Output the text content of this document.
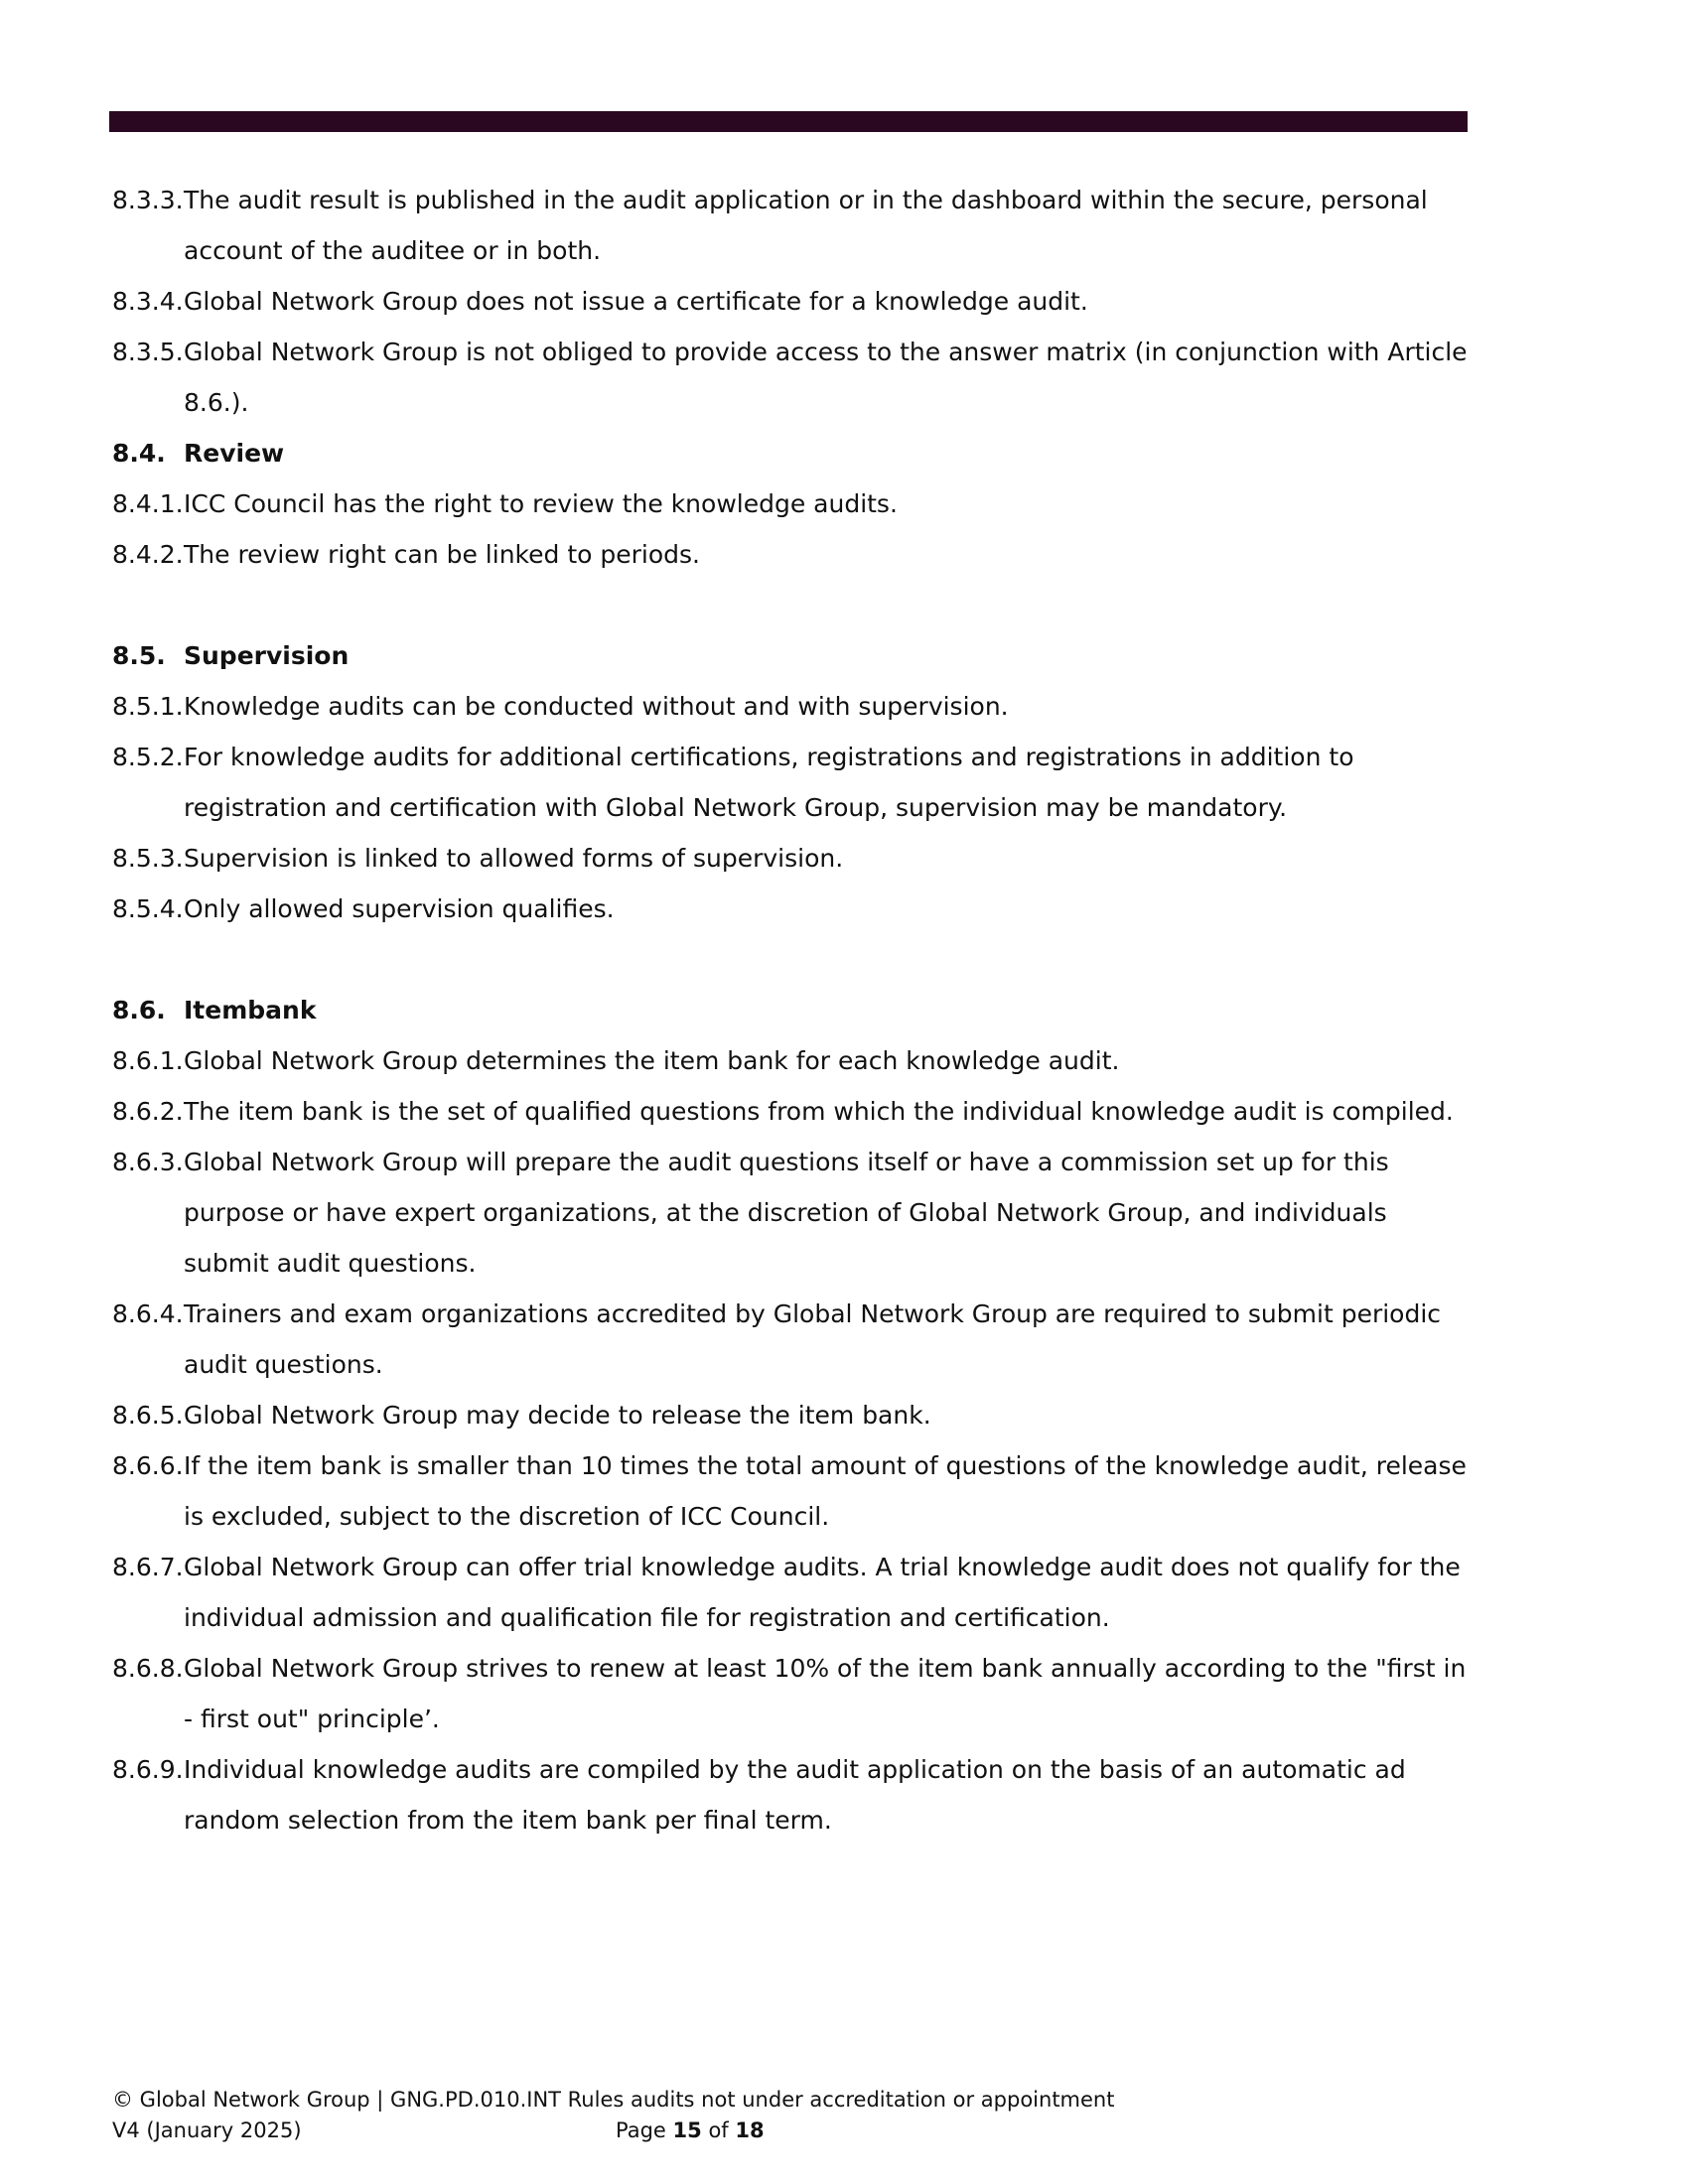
8.3.3. The audit result is published in the audit application or in the dashboard within the secure, personal account of the auditee or in both.
8.3.4. Global Network Group does not issue a certificate for a knowledge audit.
8.3.5. Global Network Group is not obliged to provide access to the answer matrix (in conjunction with Article 8.6.).
8.4. Review
8.4.1. ICC Council has the right to review the knowledge audits.
8.4.2. The review right can be linked to periods.
8.5. Supervision
8.5.1. Knowledge audits can be conducted without and with supervision.
8.5.2. For knowledge audits for additional certifications, registrations and registrations in addition to registration and certification with Global Network Group, supervision may be mandatory.
8.5.3. Supervision is linked to allowed forms of supervision.
8.5.4. Only allowed supervision qualifies.
8.6. Itembank
8.6.1. Global Network Group determines the item bank for each knowledge audit.
8.6.2. The item bank is the set of qualified questions from which the individual knowledge audit is compiled.
8.6.3. Global Network Group will prepare the audit questions itself or have a commission set up for this purpose or have expert organizations, at the discretion of Global Network Group, and individuals submit audit questions.
8.6.4. Trainers and exam organizations accredited by Global Network Group are required to submit periodic audit questions.
8.6.5. Global Network Group may decide to release the item bank.
8.6.6. If the item bank is smaller than 10 times the total amount of questions of the knowledge audit, release is excluded, subject to the discretion of ICC Council.
8.6.7. Global Network Group can offer trial knowledge audits. A trial knowledge audit does not qualify for the individual admission and qualification file for registration and certification.
8.6.8. Global Network Group strives to renew at least 10% of the item bank annually according to the "first in - first out" principle’.
8.6.9. Individual knowledge audits are compiled by the audit application on the basis of an automatic ad random selection from the item bank per final term.
© Global Network Group | GNG.PD.010.INT Rules audits not under accreditation or appointment
V4 (January 2025)	Page 15 of 18
